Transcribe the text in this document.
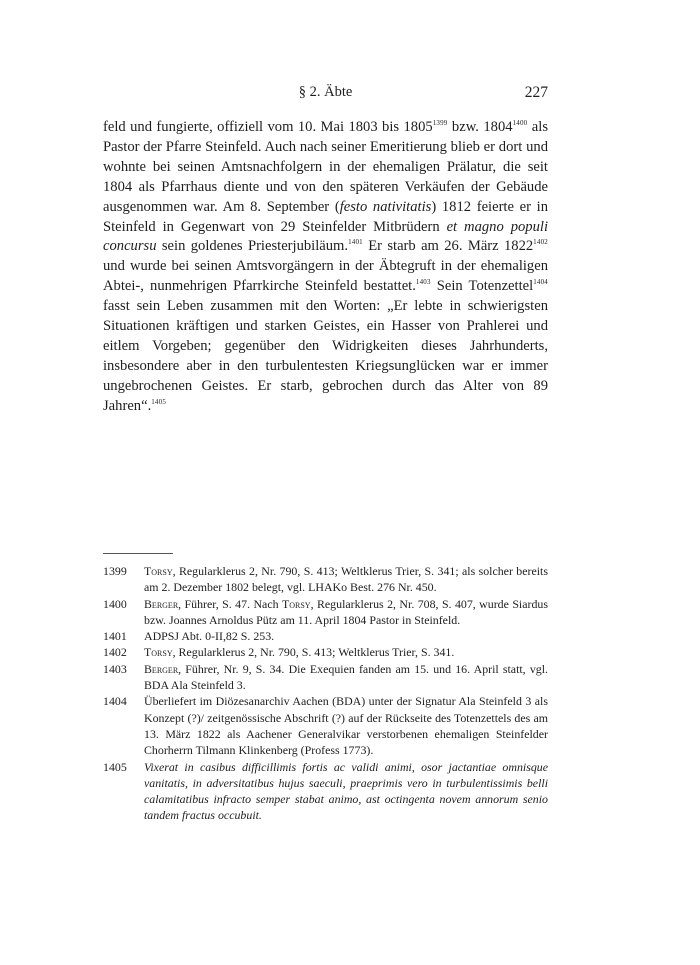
§ 2. Äbte	227

feld und fungierte, offiziell vom 10. Mai 1803 bis 1805$^{1399}$ bzw. 1804$^{1400}$ als Pastor der Pfarre Steinfeld. Auch nach seiner Emeritierung blieb er dort und wohnte bei seinen Amtsnachfolgern in der ehemaligen Prälatur, die seit 1804 als Pfarrhaus diente und von den späteren Verkäufen der Gebäude ausgenommen war. Am 8. September (festo nativitatis) 1812 feierte er in Steinfeld in Gegenwart von 29 Steinfelder Mitbrüdern et magno populi concursu sein goldenes Priesterjubiläum.$^{1401}$ Er starb am 26. März 1822$^{1402}$ und wurde bei seinen Amtsvorgängern in der Äbtegruft in der ehemaligen Abtei-, nunmehrigen Pfarrkirche Steinfeld bestattet.$^{1403}$ Sein Totenzettel$^{1404}$ fasst sein Leben zusammen mit den Worten: „Er lebte in schwierigsten Situationen kräftigen und starken Geistes, ein Hasser von Prahlerei und eitlem Vorgeben; gegenüber den Widrigkeiten dieses Jahrhunderts, insbesondere aber in den turbulentesten Kriegsunglücken war er immer ungebrochenen Geistes. Er starb, gebrochen durch das Alter von 89 Jahren“.$^{1405}$

1399	Torsy, Regularklerus 2, Nr. 790, S. 413; Weltklerus Trier, S. 341; als solcher bereits am 2. Dezember 1802 belegt, vgl. LHAKo Best. 276 Nr. 450.
1400	Berger, Führer, S. 47. Nach Torsy, Regularklerus 2, Nr. 708, S. 407, wurde Siardus bzw. Joannes Arnoldus Pütz am 11. April 1804 Pastor in Steinfeld.
1401	ADPSJ Abt. 0-II,82 S. 253.
1402	Torsy, Regularklerus 2, Nr. 790, S. 413; Weltklerus Trier, S. 341.
1403	Berger, Führer, Nr. 9, S. 34. Die Exequien fanden am 15. und 16. April statt, vgl. BDA Ala Steinfeld 3.
1404	Überliefert im Diözesanarchiv Aachen (BDA) unter der Signatur Ala Steinfeld 3 als Konzept (?)/ zeitgenössische Abschrift (?) auf der Rückseite des Totenzettels des am 13. März 1822 als Aachener Generalvikar verstorbenen ehemaligen Steinfelder Chorherrn Tilmann Klinkenberg (Profess 1773).
1405	Vixerat in casibus difficillimis fortis ac validi animi, osor jactantiae omnisque vanitatis, in adversitatibus hujus saeculi, praeprimis vero in turbulentissimis belli calamitatibus infracto semper stabat animo, ast octingenta novem annorum senio tandem fractus occubuit.
